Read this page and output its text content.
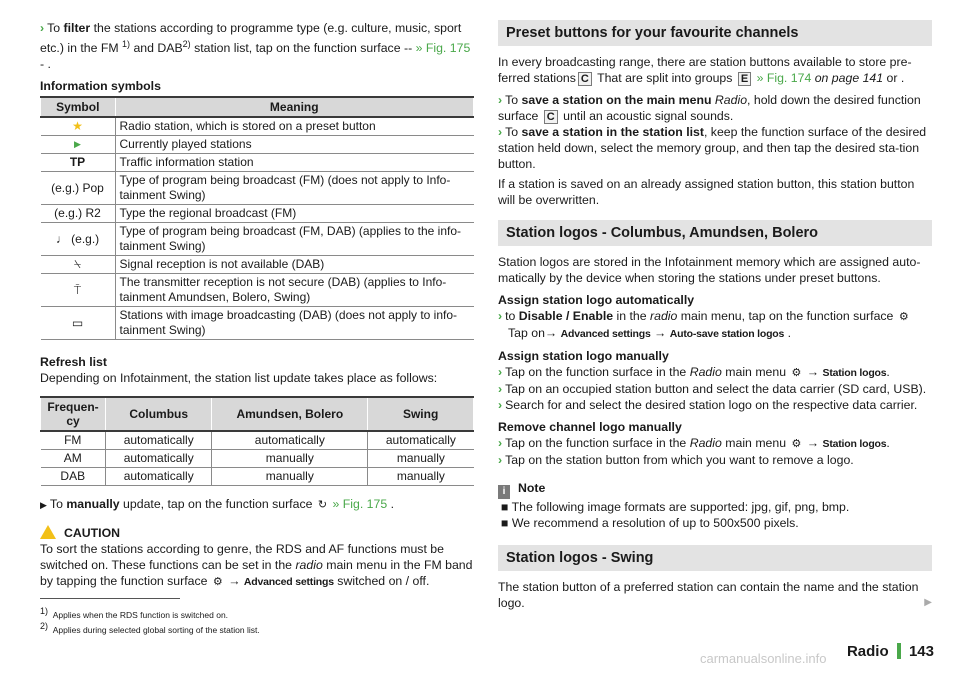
› To filter the stations according to programme type (e.g. culture, music, sport etc.) in the FM $^{1)}$ and DAB$^{2)}$ station list, tap on the function surface -- » Fig. 175 - .

Information symbols

Symbol	Meaning
★	Radio station, which is stored on a preset button
▶	Currently played stations
TP	Traffic information station
(e.g.) Pop	Type of program being broadcast (FM) (does not apply to Info-tainment Swing)
(e.g.) R2	Type the regional broadcast (FM)
♩ (e.g.)	Type of program being broadcast (FM, DAB) (applies to the info-tainment Swing)
⍀	Signal reception is not available (DAB)
⍑	The transmitter reception is not secure (DAB) (applies to Info-tainment Amundsen, Bolero, Swing)
▭	Stations with image broadcasting (DAB) (does not apply to info-tainment Swing)

Refresh list

Depending on Infotainment, the station list update takes place as follows:

Frequen-cy	Columbus	Amundsen, Bolero	Swing
FM	automatically	automatically	automatically
AM	automatically	manually	manually
DAB	automatically	manually	manually

▶ To manually update, tap on the function surface ↻ » Fig. 175 .

CAUTION

To sort the stations according to genre, the RDS and AF functions must be switched on. These functions can be set in the radio main menu in the FM band by tapping the function surface ⚙ → Advanced settings switched on / off.

Preset buttons for your favourite channels

In every broadcasting range, there are station buttons available to store pre-ferred stations C That are split into groups E » Fig. 174 on page 141 or .

› To save a station on the main menu Radio, hold down the desired function surface C until an acoustic signal sounds.

› To save a station in the station list, keep the function surface of the desired station held down, select the memory group, and then tap the desired sta-tion button.

If a station is saved on an already assigned station button, this station button will be overwritten.

Station logos - Columbus, Amundsen, Bolero

Station logos are stored in the Infotainment memory which are assigned auto-matically by the device when storing the stations under preset buttons.

Assign station logo automatically

› to Disable / Enable in the radio main menu, tap on the function surface ⚙

Tap on→ Advanced settings → Auto-save station logos .

Assign station logo manually

› Tap on the function surface in the Radio main menu ⚙ → Station logos.

› Tap on an occupied station button and select the data carrier (SD card, USB).

› Search for and select the desired station logo on the respective data carrier.

Remove channel logo manually

› Tap on the function surface in the Radio main menu ⚙ → Station logos.

› Tap on the station button from which you want to remove a logo.

i Note

■ The following image formats are supported: jpg, gif, png, bmp.

■ We recommend a resolution of up to 500x500 pixels.

Station logos - Swing

The station button of a preferred station can contain the name and the station logo.	▶

1) Applies when the RDS function is switched on.
2) Applies during selected global sorting of the station list.
Radio 143
carmanualsonline.info
